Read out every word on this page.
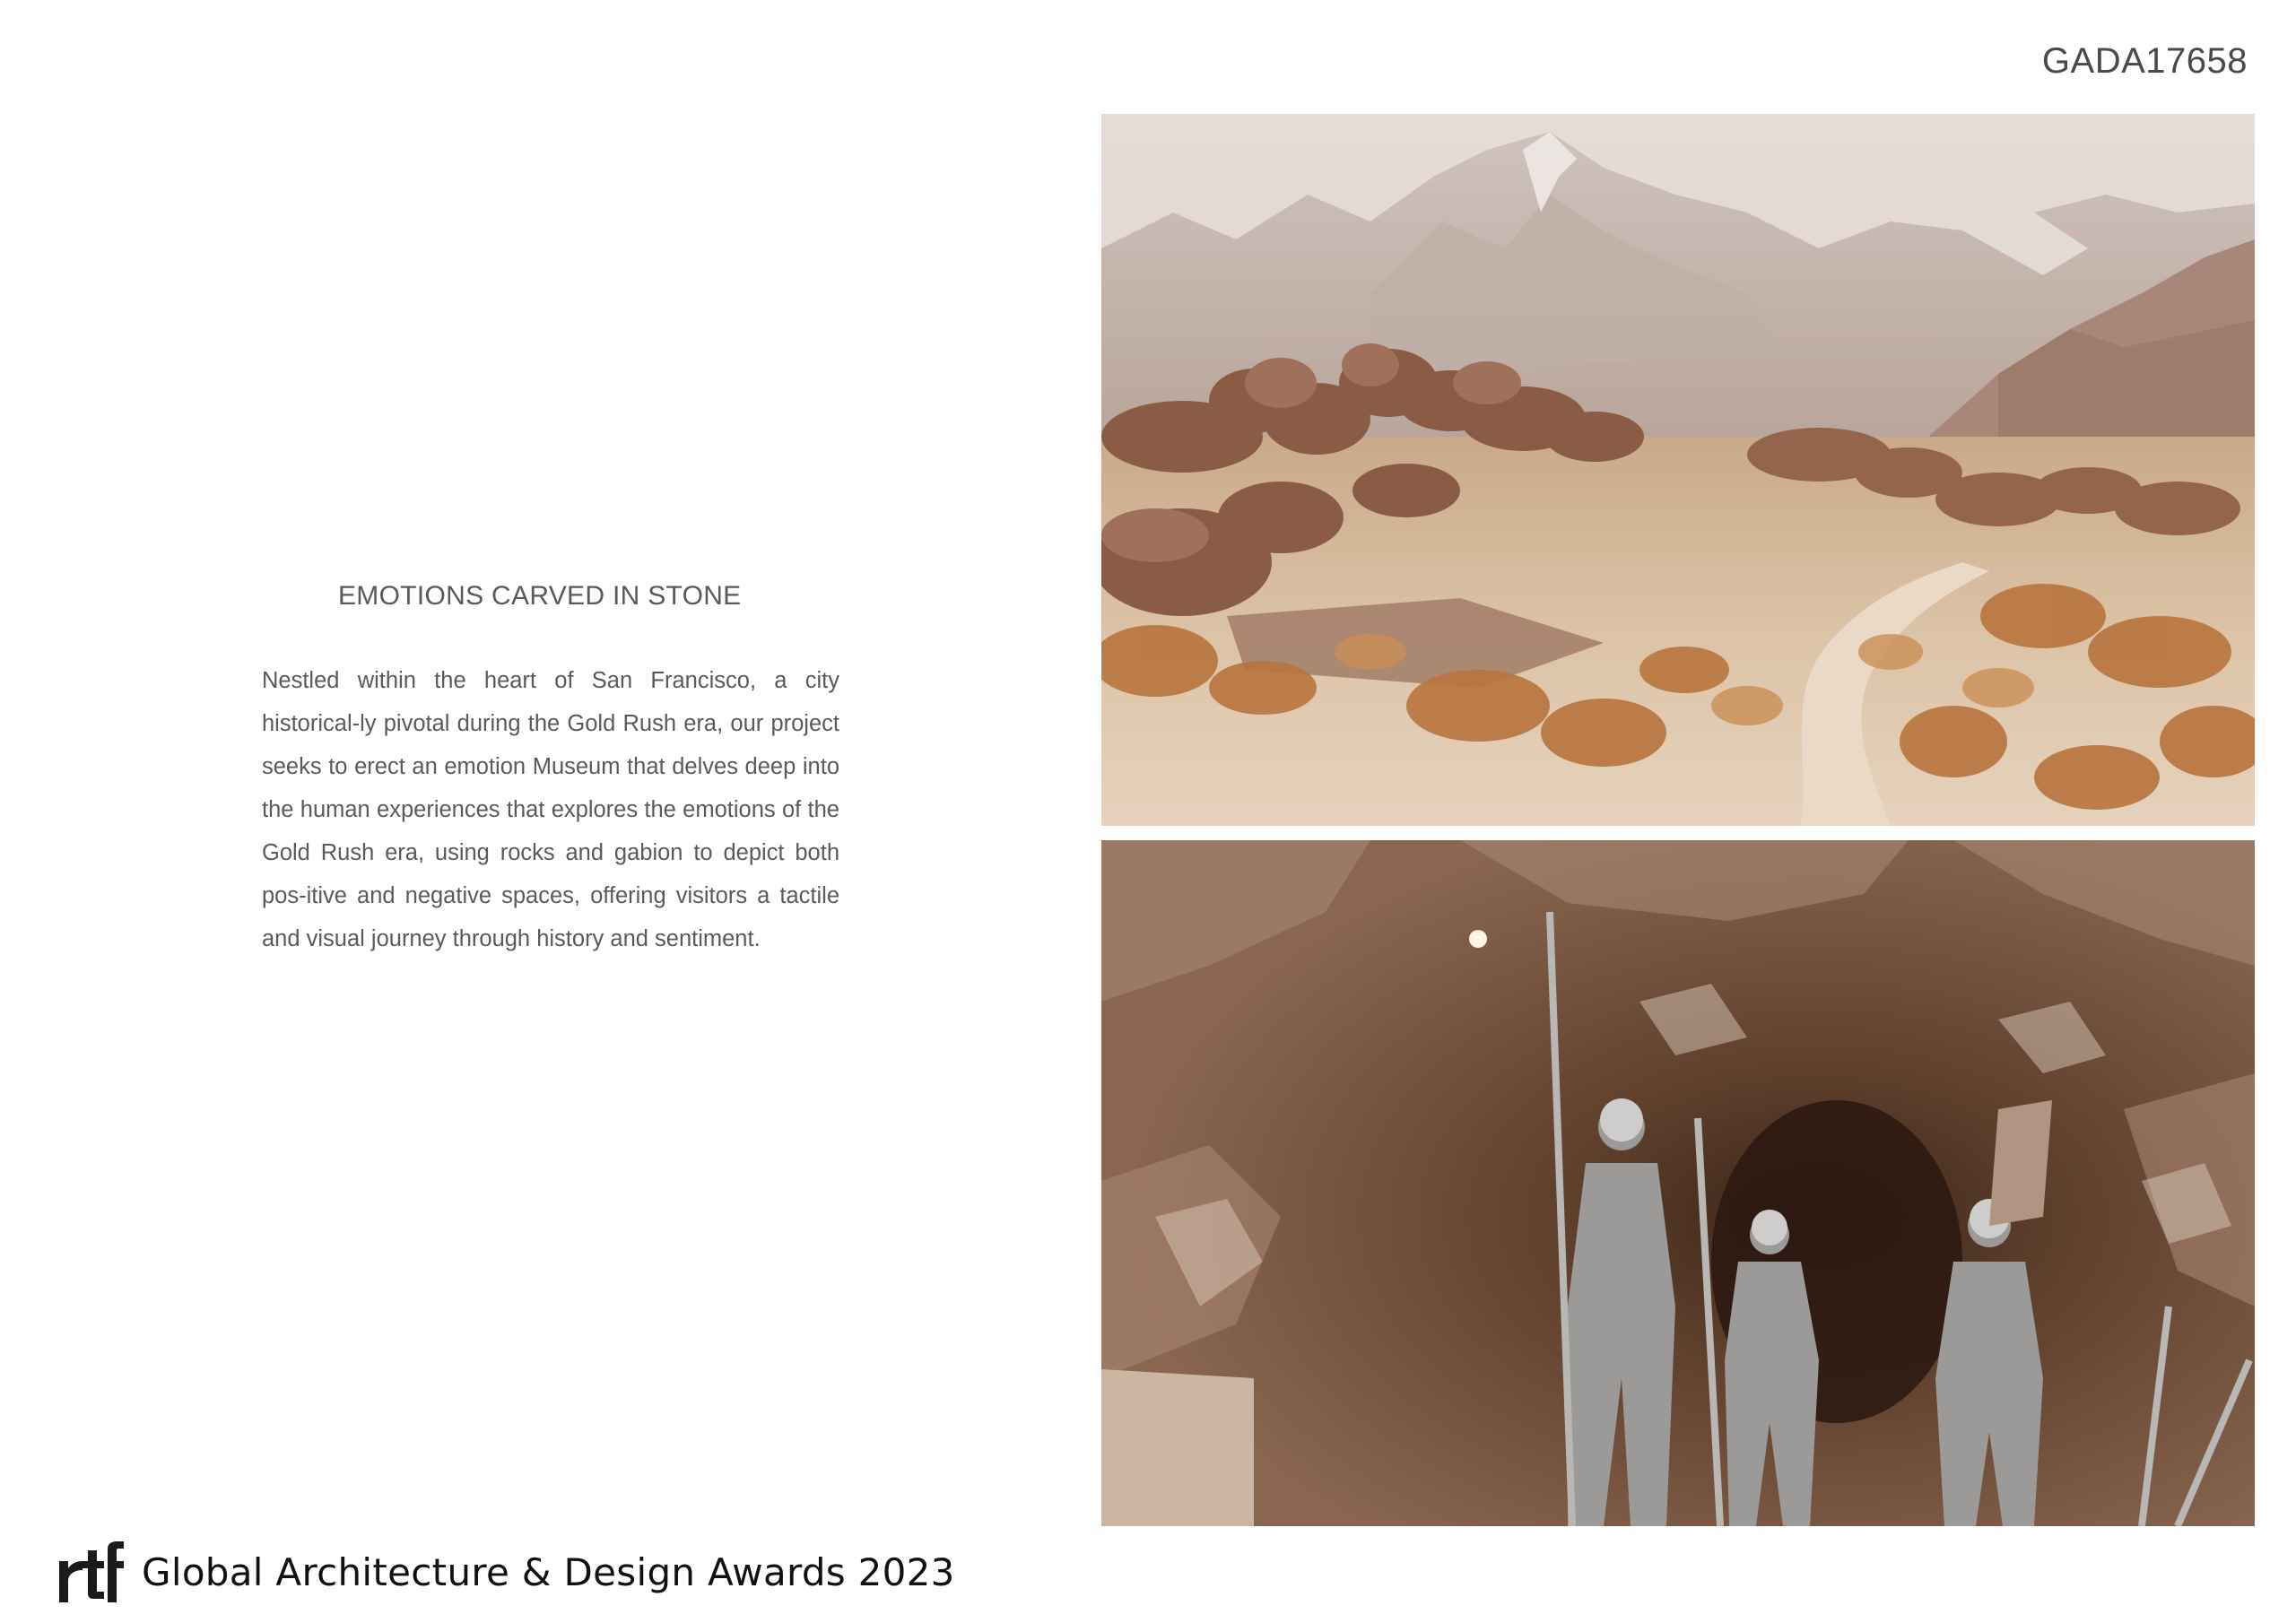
GADA17658
EMOTIONS CARVED IN STONE

Nestled within the heart of San Francisco, a city historical-ly pivotal during the Gold Rush era, our project seeks to erect an emotion Museum that delves deep into the human experiences that explores the emotions of the Gold Rush era, using rocks and gabion to depict both pos-itive and negative spaces, offering visitors a tactile and visual journey through history and sentiment.

Global Architecture & Design Awards 2023
